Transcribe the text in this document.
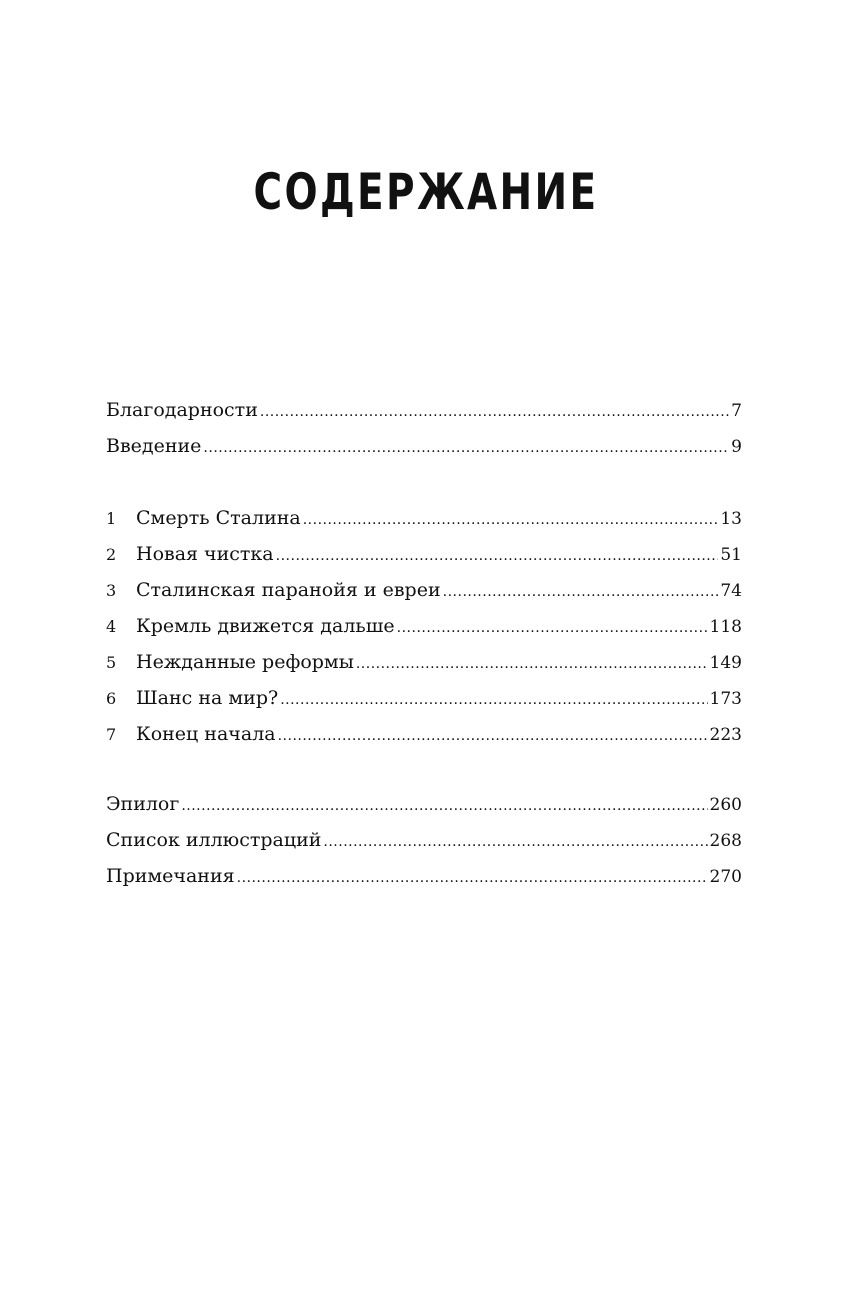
СОДЕРЖАНИЕ
Благодарности .....	7
Введение .....	9
1	Смерть Сталина .....	13
2	Новая чистка .....	51
3	Сталинская паранойя и евреи .....	74
4	Кремль движется дальше .....	118
5	Нежданные реформы .....	149
6	Шанс на мир? .....	173
7	Конец начала .....	223
Эпилог .....	260
Список иллюстраций .....	268
Примечания .....	270
